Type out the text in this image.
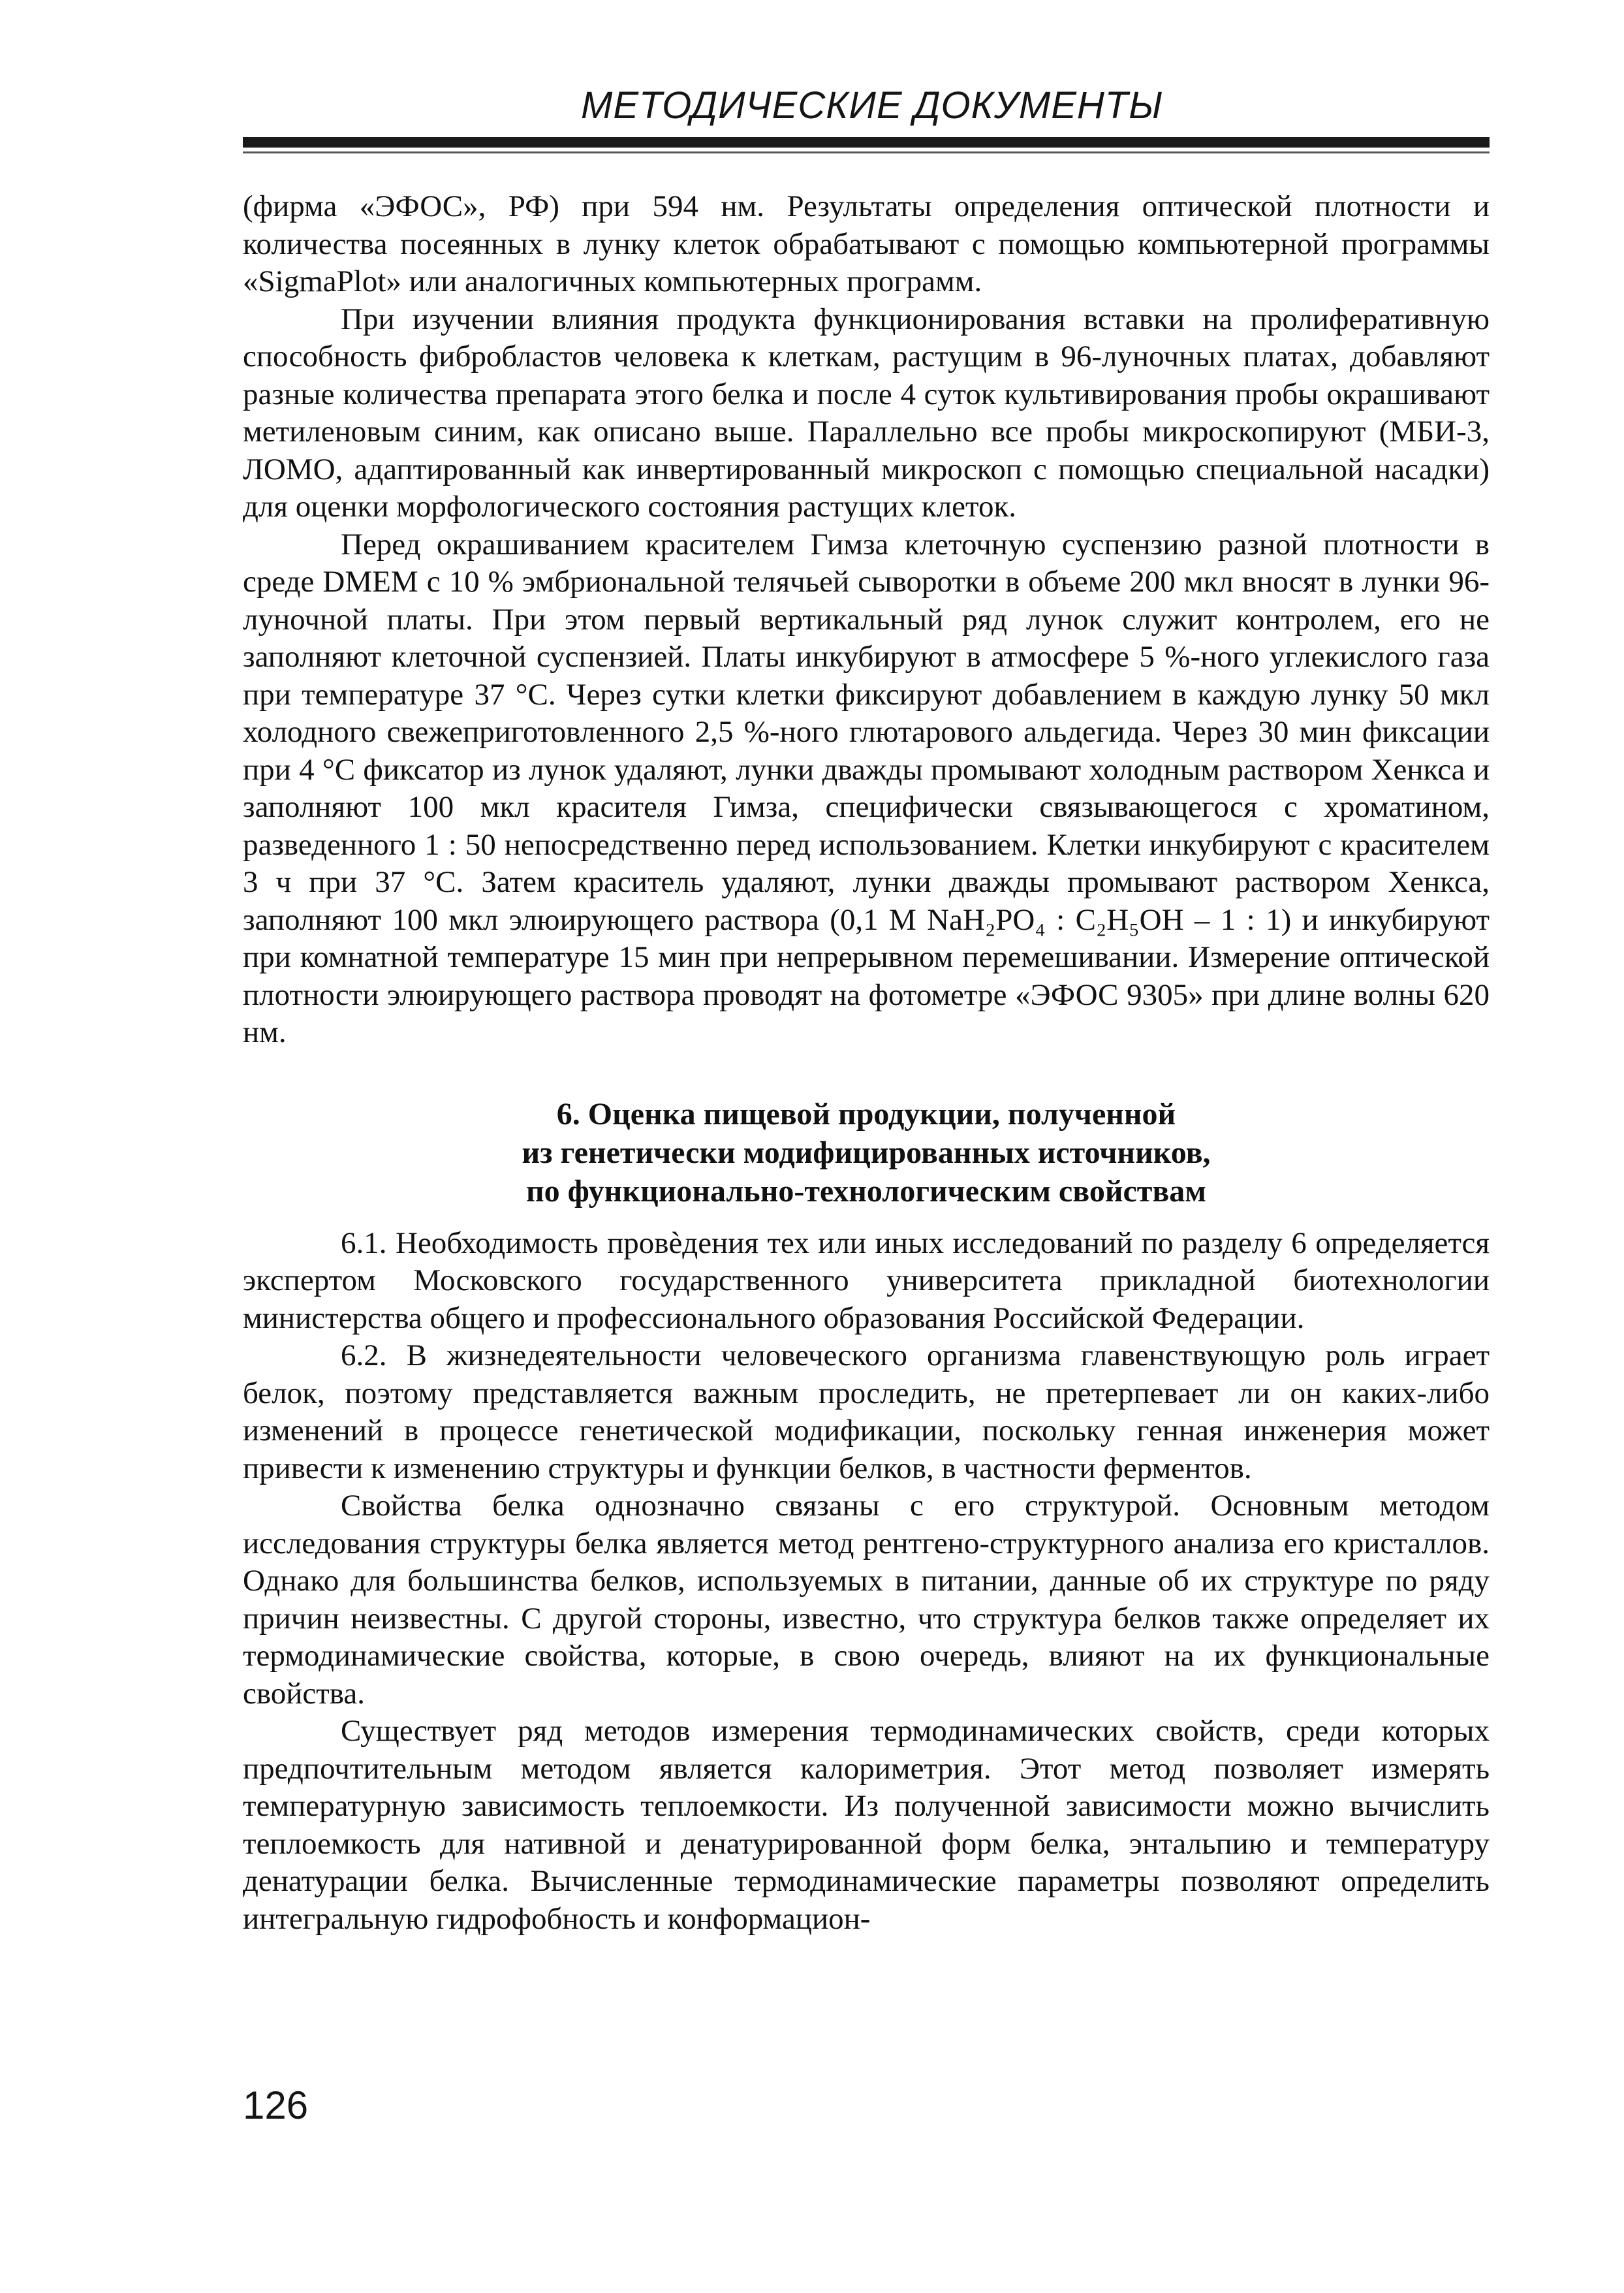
МЕТОДИЧЕСКИЕ ДОКУМЕНТЫ

(фирма «ЭФОС», РФ) при 594 нм. Результаты определения оптической плотности и количества посеянных в лунку клеток обрабатывают с помощью компьютерной программы «SigmaPlot» или аналогичных компьютерных программ.

При изучении влияния продукта функционирования вставки на пролиферативную способность фибробластов человека к клеткам, растущим в 96-луночных платах, добавляют разные количества препарата этого белка и после 4 суток культивирования пробы окрашивают метиленовым синим, как описано выше. Параллельно все пробы микроскопируют (МБИ-3, ЛОМО, адаптированный как инвертированный микроскоп с помощью специальной насадки) для оценки морфологического состояния растущих клеток.

Перед окрашиванием красителем Гимза клеточную суспензию разной плотности в среде DMEM с 10 % эмбриональной телячьей сыворотки в объеме 200 мкл вносят в лунки 96-луночной платы. При этом первый вертикальный ряд лунок служит контролем, его не заполняют клеточной суспензией. Платы инкубируют в атмосфере 5 %-ного углекислого газа при температуре 37 °С. Через сутки клетки фиксируют добавлением в каждую лунку 50 мкл холодного свежеприготовленного 2,5 %-ного глютарового альдегида. Через 30 мин фиксации при 4 °С фиксатор из лунок удаляют, лунки дважды промывают холодным раствором Хенкса и заполняют 100 мкл красителя Гимза, специфически связывающегося с хроматином, разведенного 1 : 50 непосредственно перед использованием. Клетки инкубируют с красителем 3 ч при 37 °С. Затем краситель удаляют, лунки дважды промывают раствором Хенкса, заполняют 100 мкл элюирующего раствора (0,1 М NaH₂PO₄ : C₂H₅OH – 1 : 1) и инкубируют при комнатной температуре 15 мин при непрерывном перемешивании. Измерение оптической плотности элюирующего раствора проводят на фотометре «ЭФОС 9305» при длине волны 620 нм.

6. Оценка пищевой продукции, полученной
из генетически модифицированных источников,
по функционально-технологическим свойствам

6.1. Необходимость провѐдения тех или иных исследований по разделу 6 определяется экспертом Московского государственного университета прикладной биотехнологии министерства общего и профессионального образования Российской Федерации.

6.2. В жизнедеятельности человеческого организма главенствующую роль играет белок, поэтому представляется важным проследить, не претерпевает ли он каких-либо изменений в процессе генетической модификации, поскольку генная инженерия может привести к изменению структуры и функции белков, в частности ферментов.

Свойства белка однозначно связаны с его структурой. Основным методом исследования структуры белка является метод рентгено-структурного анализа его кристаллов. Однако для большинства белков, используемых в питании, данные об их структуре по ряду причин неизвестны. С другой стороны, известно, что структура белков также определяет их термодинамические свойства, которые, в свою очередь, влияют на их функциональные свойства.

Существует ряд методов измерения термодинамических свойств, среди которых предпочтительным методом является калориметрия. Этот метод позволяет измерять температурную зависимость теплоемкости. Из полученной зависимости можно вычислить теплоемкость для нативной и денатурированной форм белка, энтальпию и температуру денатурации белка. Вычисленные термодинамические параметры позволяют определить интегральную гидрофобность и конформацион-

126
